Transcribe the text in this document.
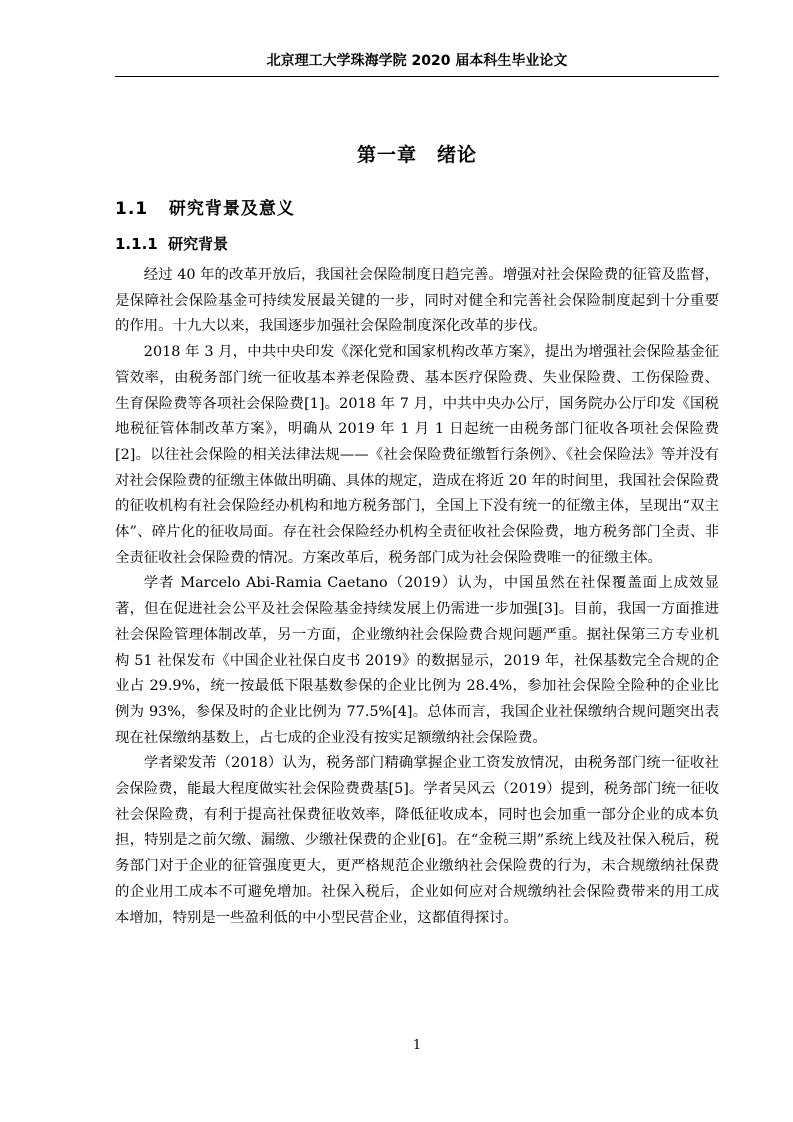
北京理工大学珠海学院 2020 届本科生毕业论文
第一章　绪论
1.1 研究背景及意义
1.1.1 研究背景

经过 40 年的改革开放后，我国社会保险制度日趋完善。增强对社会保险费的征管及监督，是保障社会保险基金可持续发展最关键的一步，同时对健全和完善社会保险制度起到十分重要的作用。十九大以来，我国逐步加强社会保险制度深化改革的步伐。

2018 年 3 月，中共中央印发《深化党和国家机构改革方案》，提出为增强社会保险基金征管效率，由税务部门统一征收基本养老保险费、基本医疗保险费、失业保险费、工伤保险费、生育保险费等各项社会保险费[1]。2018 年 7 月，中共中央办公厅，国务院办公厅印发《国税地税征管体制改革方案》，明确从 2019 年 1 月 1 日起统一由税务部门征收各项社会保险费[2]。以往社会保险的相关法律法规——《社会保险费征缴暂行条例》、《社会保险法》等并没有对社会保险费的征缴主体做出明确、具体的规定，造成在将近 20 年的时间里，我国社会保险费的征收机构有社会保险经办机构和地方税务部门，全国上下没有统一的征缴主体，呈现出“双主体”、碎片化的征收局面。存在社会保险经办机构全责征收社会保险费，地方税务部门全责、非全责征收社会保险费的情况。方案改革后，税务部门成为社会保险费唯一的征缴主体。

学者 Marcelo Abi-Ramia Caetano（2019）认为，中国虽然在社保覆盖面上成效显著，但在促进社会公平及社会保险基金持续发展上仍需进一步加强[3]。目前，我国一方面推进社会保险管理体制改革，另一方面，企业缴纳社会保险费合规问题严重。据社保第三方专业机构 51 社保发布《中国企业社保白皮书 2019》的数据显示，2019 年，社保基数完全合规的企业占 29.9%，统一按最低下限基数参保的企业比例为 28.4%，参加社会保险全险种的企业比例为 93%，参保及时的企业比例为 77.5%[4]。总体而言，我国企业社保缴纳合规问题突出表现在社保缴纳基数上，占七成的企业没有按实足额缴纳社会保险费。

学者梁发芾（2018）认为，税务部门精确掌握企业工资发放情况，由税务部门统一征收社会保险费，能最大程度做实社会保险费费基[5]。学者吴风云（2019）提到，税务部门统一征收社会保险费，有利于提高社保费征收效率，降低征收成本，同时也会加重一部分企业的成本负担，特别是之前欠缴、漏缴、少缴社保费的企业[6]。在“金税三期”系统上线及社保入税后，税务部门对于企业的征管强度更大，更严格规范企业缴纳社会保险费的行为，未合规缴纳社保费的企业用工成本不可避免增加。社保入税后，企业如何应对合规缴纳社会保险费带来的用工成本增加，特别是一些盈利低的中小型民营企业，这都值得探讨。

1
